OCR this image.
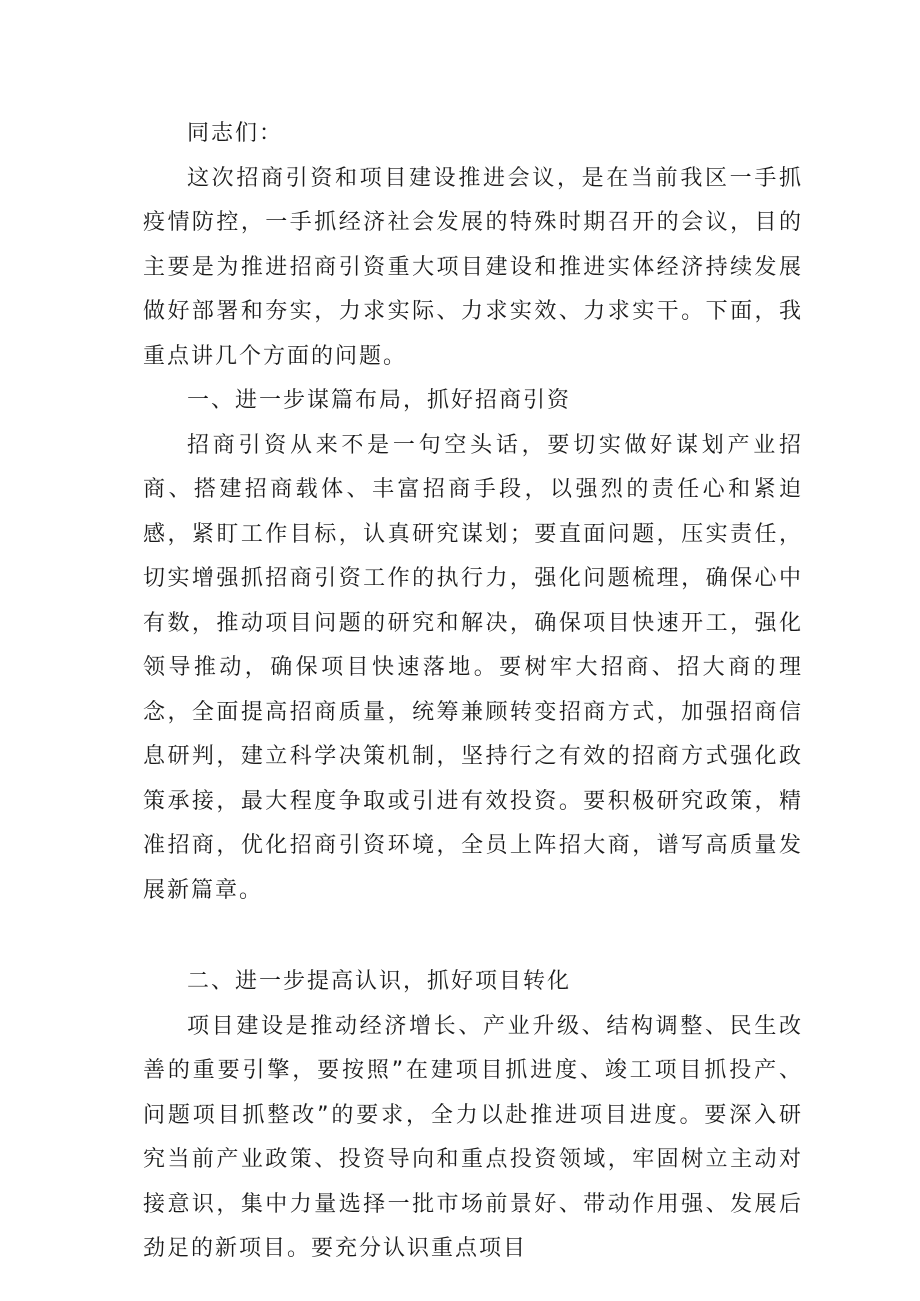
同志们：

这次招商引资和项目建设推进会议，是在当前我区一手抓疫情防控，一手抓经济社会发展的特殊时期召开的会议，目的主要是为推进招商引资重大项目建设和推进实体经济持续发展做好部署和夯实，力求实际、力求实效、力求实干。下面，我重点讲几个方面的问题。

一、进一步谋篇布局，抓好招商引资

招商引资从来不是一句空头话，要切实做好谋划产业招商、搭建招商载体、丰富招商手段，以强烈的责任心和紧迫感，紧盯工作目标，认真研究谋划；要直面问题，压实责任，切实增强抓招商引资工作的执行力，强化问题梳理，确保心中有数，推动项目问题的研究和解决，确保项目快速开工，强化领导推动，确保项目快速落地。要树牢大招商、招大商的理念，全面提高招商质量，统筹兼顾转变招商方式，加强招商信息研判，建立科学决策机制，坚持行之有效的招商方式强化政策承接，最大程度争取或引进有效投资。要积极研究政策，精准招商，优化招商引资环境，全员上阵招大商，谱写高质量发展新篇章。

二、进一步提高认识，抓好项目转化

项目建设是推动经济增长、产业升级、结构调整、民生改善的重要引擎，要按照”在建项目抓进度、竣工项目抓投产、问题项目抓整改”的要求，全力以赴推进项目进度。要深入研究当前产业政策、投资导向和重点投资领域，牢固树立主动对接意识，集中力量选择一批市场前景好、带动作用强、发展后劲足的新项目。要充分认识重点项目
